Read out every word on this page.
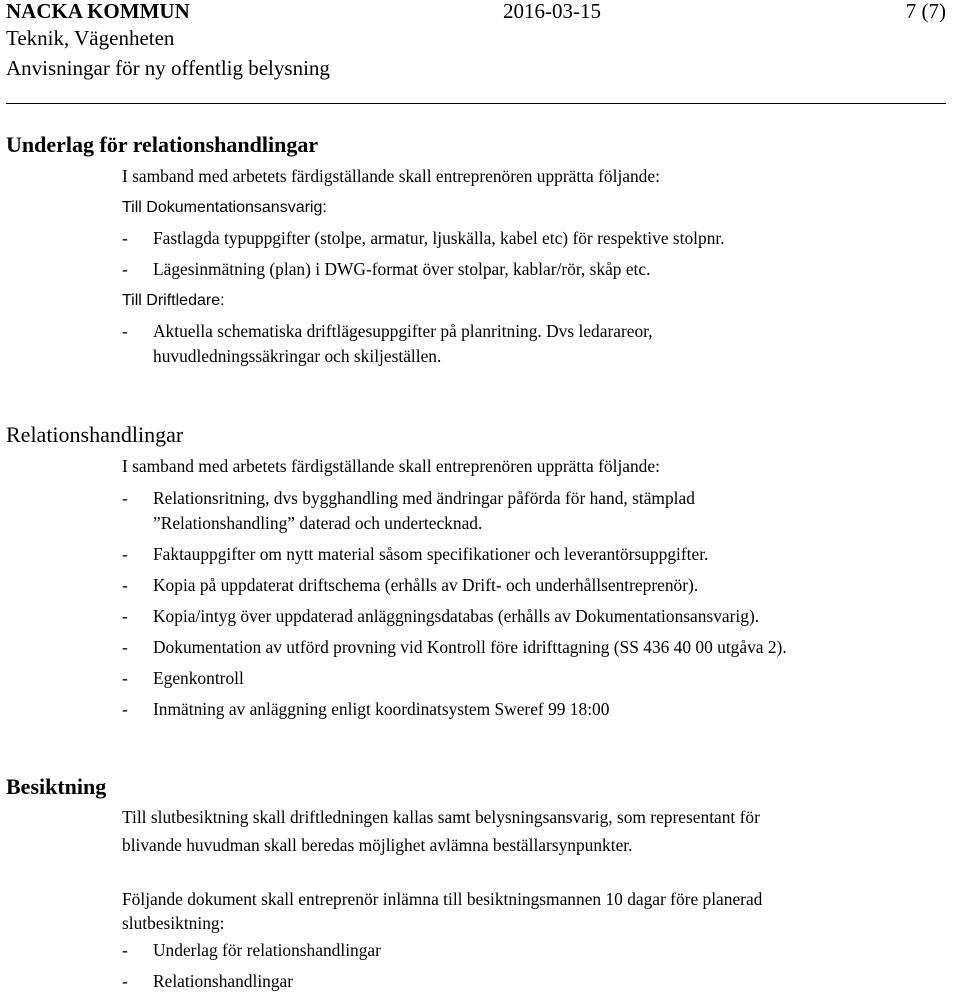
NACKA KOMMUN	2016-03-15	7 (7)
Teknik, Vägenheten
Anvisningar för ny offentlig belysning
Underlag för relationshandlingar

I samband med arbetets färdigställande skall entreprenören upprätta följande:

Till Dokumentationsansvarig:

- Fastlagda typuppgifter (stolpe, armatur, ljuskälla, kabel etc) för respektive stolpnr.
- Lägesinmätning (plan) i DWG-format över stolpar, kablar/rör, skåp etc.

Till Driftledare:

- Aktuella schematiska driftlägesuppgifter på planritning. Dvs ledarareor,
huvudledningssäkringar och skiljeställen.
Relationshandlingar

I samband med arbetets färdigställande skall entreprenören upprätta följande:

- Relationsritning, dvs bygghandling med ändringar påförda för hand, stämplad
”Relationshandling” daterad och undertecknad.
- Faktauppgifter om nytt material såsom specifikationer och leverantörsuppgifter.
- Kopia på uppdaterat driftschema (erhålls av Drift- och underhållsentreprenör).
- Kopia/intyg över uppdaterad anläggningsdatabas (erhålls av Dokumentationsansvarig).
- Dokumentation av utförd provning vid Kontroll före idrifttagning (SS 436 40 00 utgåva 2).
- Egenkontroll
- Inmätning av anläggning enligt koordinatsystem Sweref 99 18:00
Besiktning

Till slutbesiktning skall driftledningen kallas samt belysningsansvarig, som representant för

blivande huvudman skall beredas möjlighet avlämna beställarsynpunkter.

Följande dokument skall entreprenör inlämna till besiktningsmannen 10 dagar före planerad

slutbesiktning:

- Underlag för relationshandlingar
- Relationshandlingar
